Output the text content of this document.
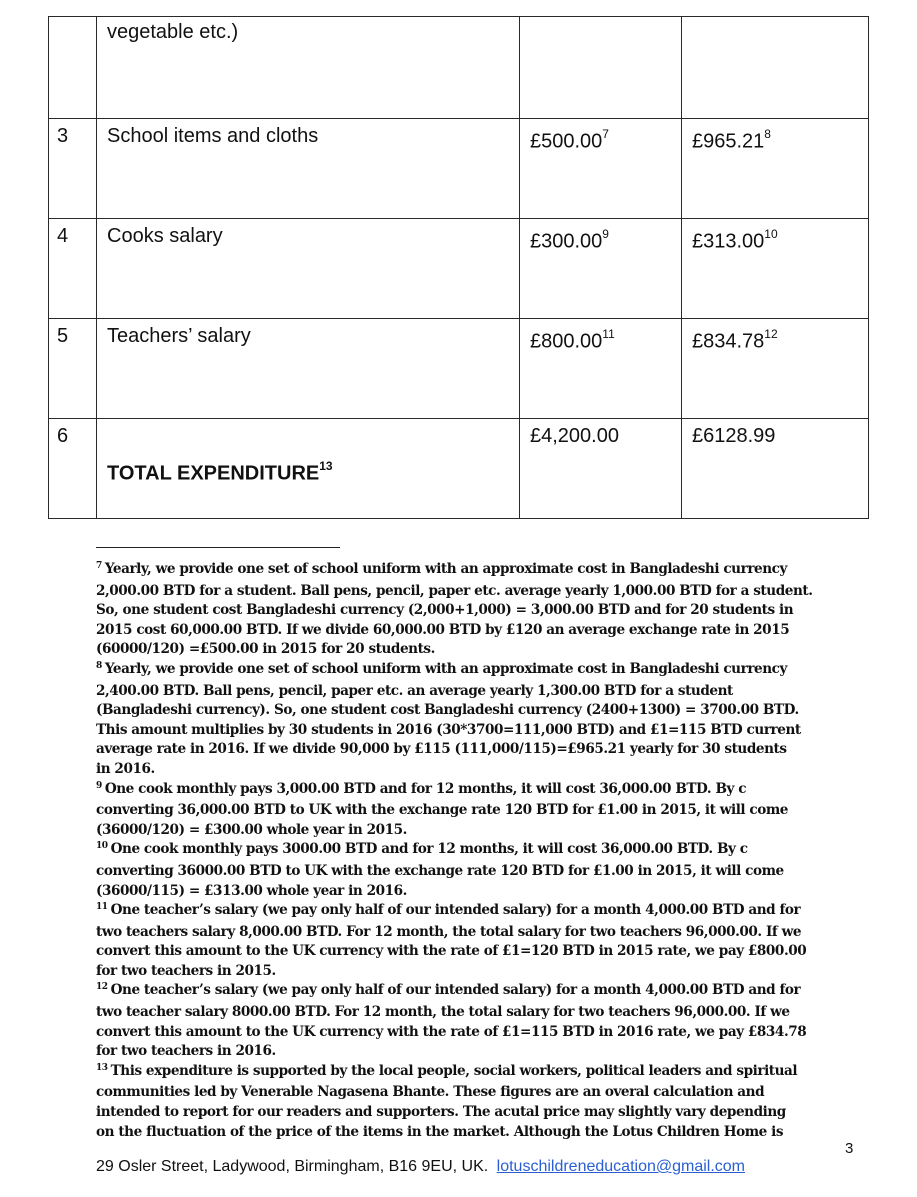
	vegetable etc.)		

3	School items and cloths	£500.00$^7$	£965.21$^8$

4	Cooks salary	£300.00$^9$	£313.00$^{10}$

5	Teachers’ salary	£800.00$^{11}$	£834.78$^{12}$

6	TOTAL EXPENDITURE$^{13}$	£4,200.00	£6128.99
$^7$ Yearly, we provide one set of school uniform with an approximate cost in Bangladeshi currency
2,000.00 BTD for a student. Ball pens, pencil, paper etc. average yearly 1,000.00 BTD for a student.
So, one student cost Bangladeshi currency (2,000+1,000) = 3,000.00 BTD and for 20 students in
2015 cost 60,000.00 BTD. If we divide 60,000.00 BTD by £120 an average exchange rate in 2015
(60000/120) =£500.00 in 2015 for 20 students.
$^8$ Yearly, we provide one set of school uniform with an approximate cost in Bangladeshi currency
2,400.00 BTD. Ball pens, pencil, paper etc. an average yearly 1,300.00 BTD for a student
(Bangladeshi currency). So, one student cost Bangladeshi currency (2400+1300) = 3700.00 BTD.
This amount multiplies by 30 students in 2016 (30*3700=111,000 BTD) and £1=115 BTD current
average rate in 2016. If we divide 90,000 by £115 (111,000/115)=£965.21 yearly for 30 students
in 2016.
$^9$ One cook monthly pays 3,000.00 BTD and for 12 months, it will cost 36,000.00 BTD. By c
converting 36,000.00 BTD to UK with the exchange rate 120 BTD for £1.00 in 2015, it will come
(36000/120) = £300.00 whole year in 2015.
$^{10}$ One cook monthly pays 3000.00 BTD and for 12 months, it will cost 36,000.00 BTD. By c
converting 36000.00 BTD to UK with the exchange rate 120 BTD for £1.00 in 2015, it will come
(36000/115) = £313.00 whole year in 2016.
$^{11}$ One teacher’s salary (we pay only half of our intended salary) for a month 4,000.00 BTD and for
two teachers salary 8,000.00 BTD. For 12 month, the total salary for two teachers 96,000.00. If we
convert this amount to the UK currency with the rate of £1=120 BTD in 2015 rate, we pay £800.00
for two teachers in 2015.
$^{12}$ One teacher’s salary (we pay only half of our intended salary) for a month 4,000.00 BTD and for
two teacher salary 8000.00 BTD. For 12 month, the total salary for two teachers 96,000.00. If we
convert this amount to the UK currency with the rate of £1=115 BTD in 2016 rate, we pay £834.78
for two teachers in 2016.
$^{13}$ This expenditure is supported by the local people, social workers, political leaders and spiritual
communities led by Venerable Nagasena Bhante. These figures are an overal calculation and
intended to report for our readers and supporters. The acutal price may slightly vary depending
on the fluctuation of the price of the items in the market. Although the Lotus Children Home is
3
29 Osler Street, Ladywood, Birmingham, B16 9EU, UK. lotuschildreneducation@gmail.com
